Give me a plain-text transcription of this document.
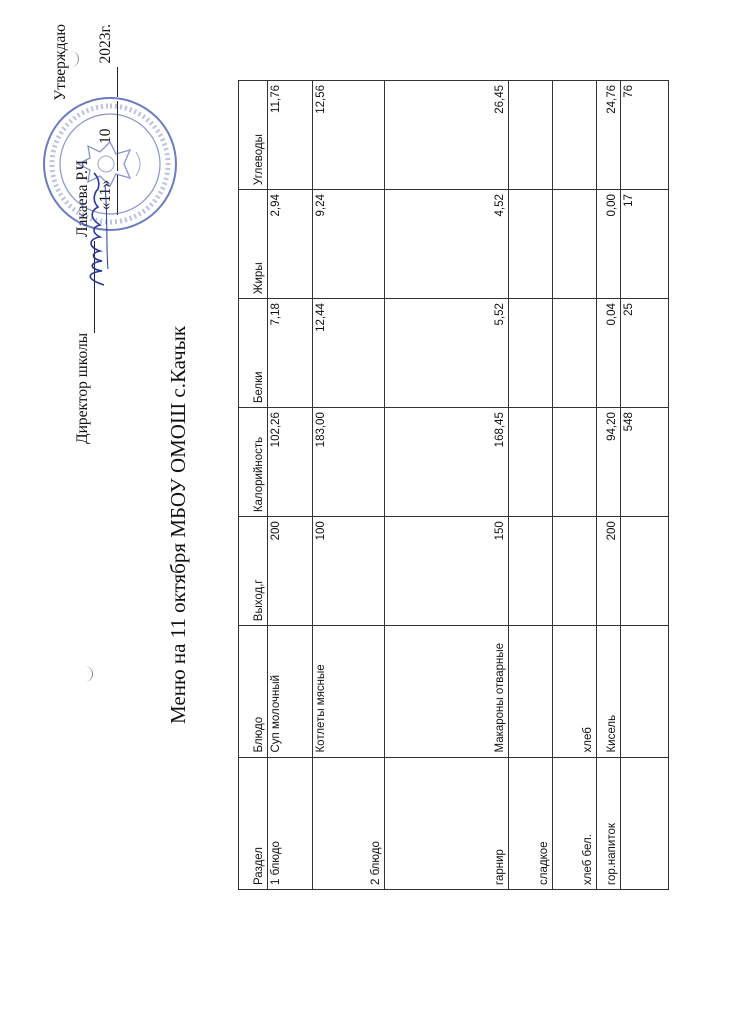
Утверждаю
Директор школы  Лакаева Р.Ч «11» 10   2023г.
Меню на 11 октября МБОУ ОМОШ с.Качык
Раздел	Блюдо	Выход,г	Калорийность	Белки	Жиры	Углеводы
1 блюдо	Суп молочный	200	102,26	7,18	2,94	11,76
2 блюдо	Котлеты мясные	100	183,00	12,44	9,24	12,56
гарнир	Макароны отварные	150	168,45	5,52	4,52	26,45
сладкое						
хлеб бел.	хлеб					
гор.напиток	Кисель	200	94,20	0,04	0,00	24,76
			548	25	17	76
